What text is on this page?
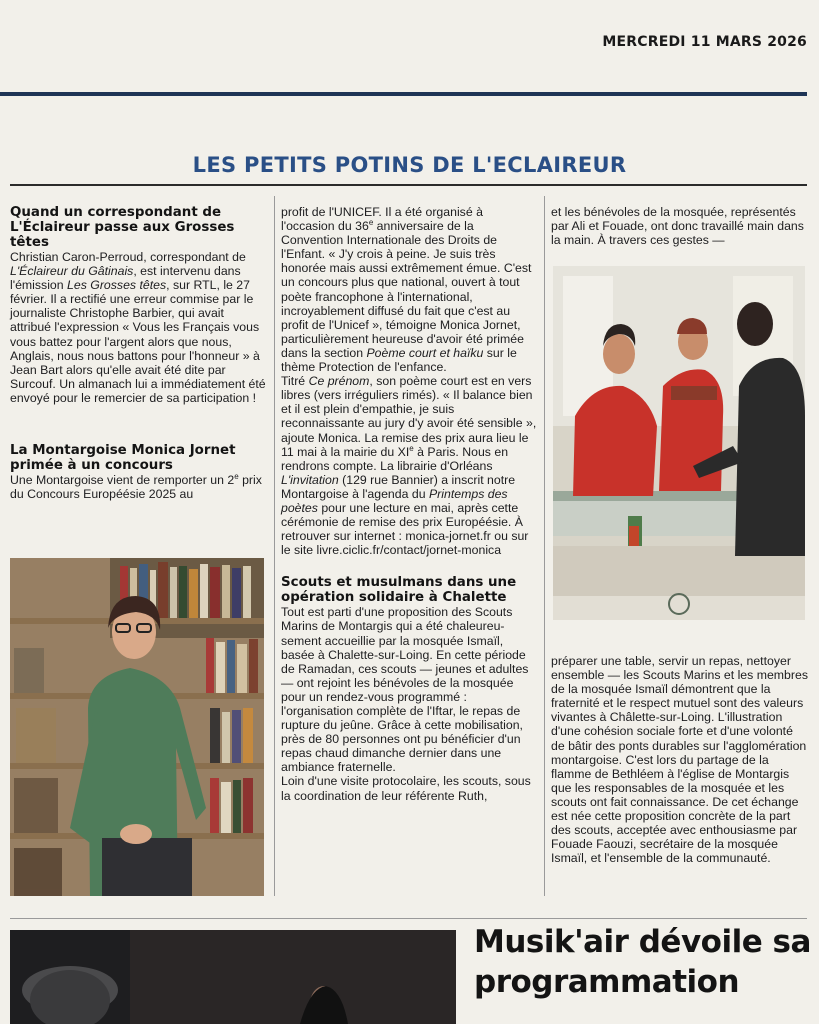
MERCREDI 11 MARS 2026
LES PETITS POTINS DE L'ECLAIREUR

Quand un correspondant de L'Éclaireur passe aux Grosses têtes

Christian Caron-Perroud, correspondant de L'Éclaireur du Gâtinais, est intervenu dans l'émission Les Grosses têtes, sur RTL, le 27 février. Il a rectifié une erreur commise par le journaliste Christophe Barbier, qui avait attribué l'expression « Vous les Français vous vous battez pour l'argent alors que nous, Anglais, nous nous battons pour l'honneur » à Jean Bart alors qu'elle avait été dite par Surcouf. Un almanach lui a immédiatement été envoyé pour le remercier de sa participation !

La Montargoise Monica Jornet primée à un concours

Une Montargoise vient de remporter un 2e prix du Concours Européésie 2025 au

profit de l'UNICEF. Il a été organisé à l'occasion du 36e anniversaire de la Convention Internationale des Droits de l'Enfant. « J'y crois à peine. Je suis très honorée mais aussi extrêmement émue. C'est un concours plus que national, ouvert à tout poète francophone à l'international, incroyablement diffusé du fait que c'est au profit de l'Unicef », témoigne Monica Jornet, particulièrement heureuse d'avoir été primée dans la section Poème court et haïku sur le thème Protection de l'enfance.

Titré Ce prénom, son poème court est en vers libres (vers irréguliers rimés). « Il balance bien et il est plein d'empathie, je suis reconnaissante au jury d'y avoir été sensible », ajoute Monica. La remise des prix aura lieu le 11 mai à la mairie du XIe à Paris. Nous en rendrons compte. La librairie d'Orléans L'invitation (129 rue Bannier) a inscrit notre Montargoise à l'agenda du Printemps des poètes pour une lecture en mai, après cette cérémonie de remise des prix Européésie. À retrouver sur internet : monica-jornet.fr ou sur le site livre.ciclic.fr/contact/jornet-monica

Scouts et musulmans dans une opération solidaire à Chalette

Tout est parti d'une proposition des Scouts Marins de Montargis qui a été chaleureu-sement accueillie par la mosquée Ismaïl, basée à Chalette-sur-Loing. En cette période de Ramadan, ces scouts — jeunes et adultes — ont rejoint les bénévoles de la mosquée pour un rendez-vous programmé : l'organisation complète de l'Iftar, le repas de rupture du jeûne. Grâce à cette mobilisation, près de 80 personnes ont pu bénéficier d'un repas chaud dimanche dernier dans une ambiance fraternelle.

Loin d'une visite protocolaire, les scouts, sous la coordination de leur référente Ruth,

et les bénévoles de la mosquée, représentés par Ali et Fouade, ont donc travaillé main dans la main. À travers ces gestes —

préparer une table, servir un repas, nettoyer ensemble — les Scouts Marins et les membres de la mosquée Ismaïl démontrent que la fraternité et le respect mutuel sont des valeurs vivantes à Châlette-sur-Loing. L'illustration d'une cohésion sociale forte et d'une volonté de bâtir des ponts durables sur l'agglomération montargoise. C'est lors du partage de la flamme de Bethléem à l'église de Montargis que les responsables de la mosquée et les scouts ont fait connaissance. De cet échange est née cette proposition concrète de la part des scouts, acceptée avec enthousiasme par Fouade Faouzi, secrétaire de la mosquée Ismaïl, et l'ensemble de la communauté.

Musik'air dévoile sa programmation
